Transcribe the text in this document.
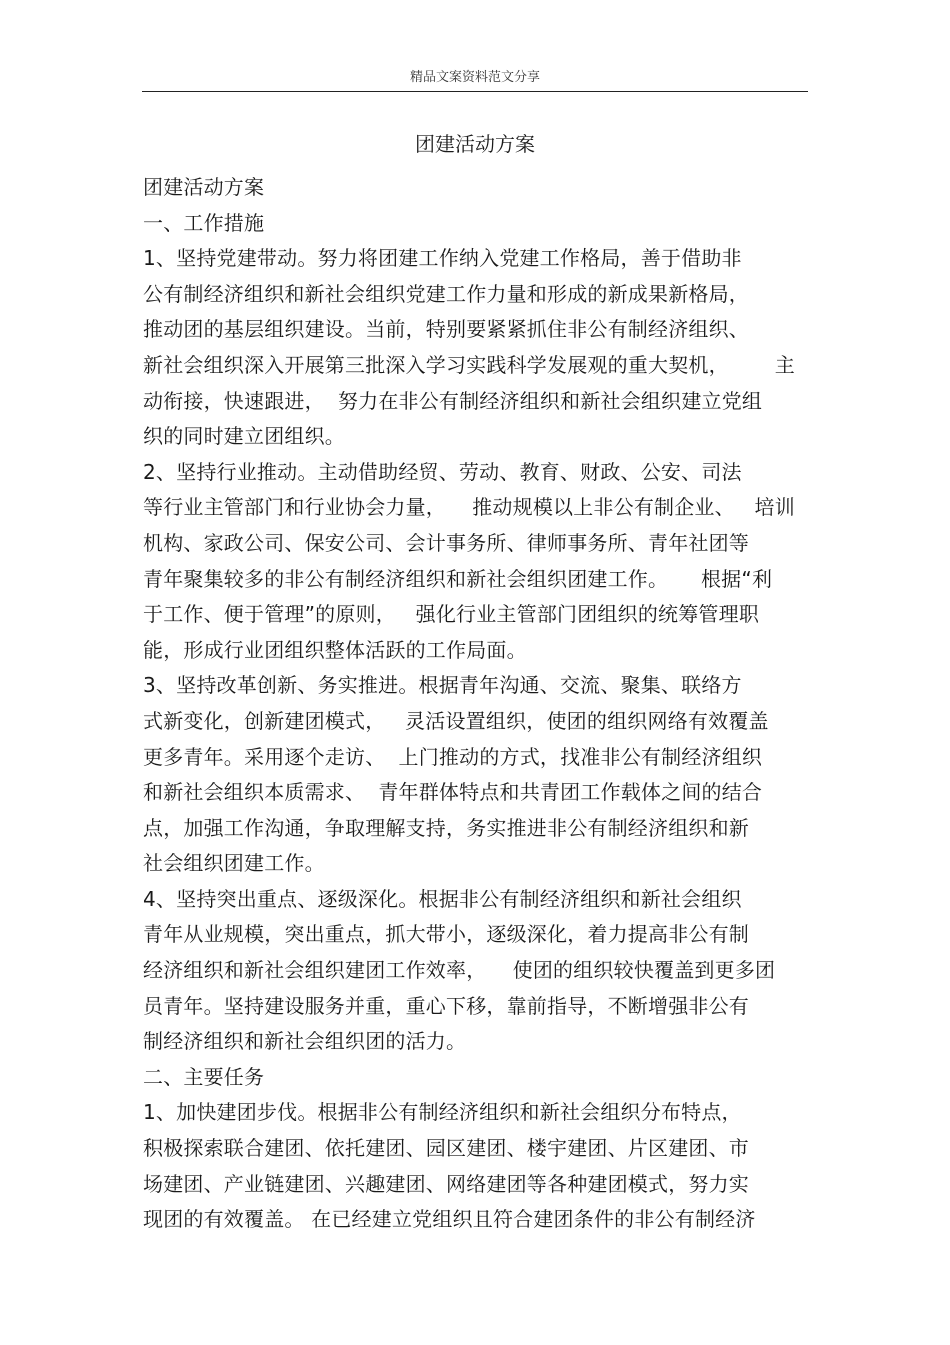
精品文案资料范文分享
团建活动方案
团建活动方案
一、工作措施
1、坚持党建带动。努力将团建工作纳入党建工作格局，善于借助非
公有制经济组织和新社会组织党建工作力量和形成的新成果新格局，
推动团的基层组织建设。当前，特别要紧紧抓住非公有制经济组织、
新社会组织深入开展第三批深入学习实践科学发展观的重大契机，       主
动衔接，快速跟进，  努力在非公有制经济组织和新社会组织建立党组
织的同时建立团组织。
2、坚持行业推动。主动借助经贸、劳动、教育、财政、公安、司法
等行业主管部门和行业协会力量，    推动规模以上非公有制企业、   培训
机构、家政公司、保安公司、会计事务所、律师事务所、青年社团等
青年聚集较多的非公有制经济组织和新社会组织团建工作。     根据“利
于工作、便于管理”的原则，   强化行业主管部门团组织的统筹管理职
能，形成行业团组织整体活跃的工作局面。
3、坚持改革创新、务实推进。根据青年沟通、交流、聚集、联络方
式新变化，创新建团模式，   灵活设置组织，使团的组织网络有效覆盖
更多青年。采用逐个走访、  上门推动的方式，找准非公有制经济组织
和新社会组织本质需求、  青年群体特点和共青团工作载体之间的结合
点，加强工作沟通，争取理解支持，务实推进非公有制经济组织和新
社会组织团建工作。
4、坚持突出重点、逐级深化。根据非公有制经济组织和新社会组织
青年从业规模，突出重点，抓大带小，逐级深化，着力提高非公有制
经济组织和新社会组织建团工作效率，    使团的组织较快覆盖到更多团
员青年。坚持建设服务并重，重心下移，靠前指导，不断增强非公有
制经济组织和新社会组织团的活力。
二、主要任务
1、加快建团步伐。根据非公有制经济组织和新社会组织分布特点，
积极探索联合建团、依托建团、园区建团、楼宇建团、片区建团、市
场建团、产业链建团、兴趣建团、网络建团等各种建团模式，努力实
现团的有效覆盖。 在已经建立党组织且符合建团条件的非公有制经济
